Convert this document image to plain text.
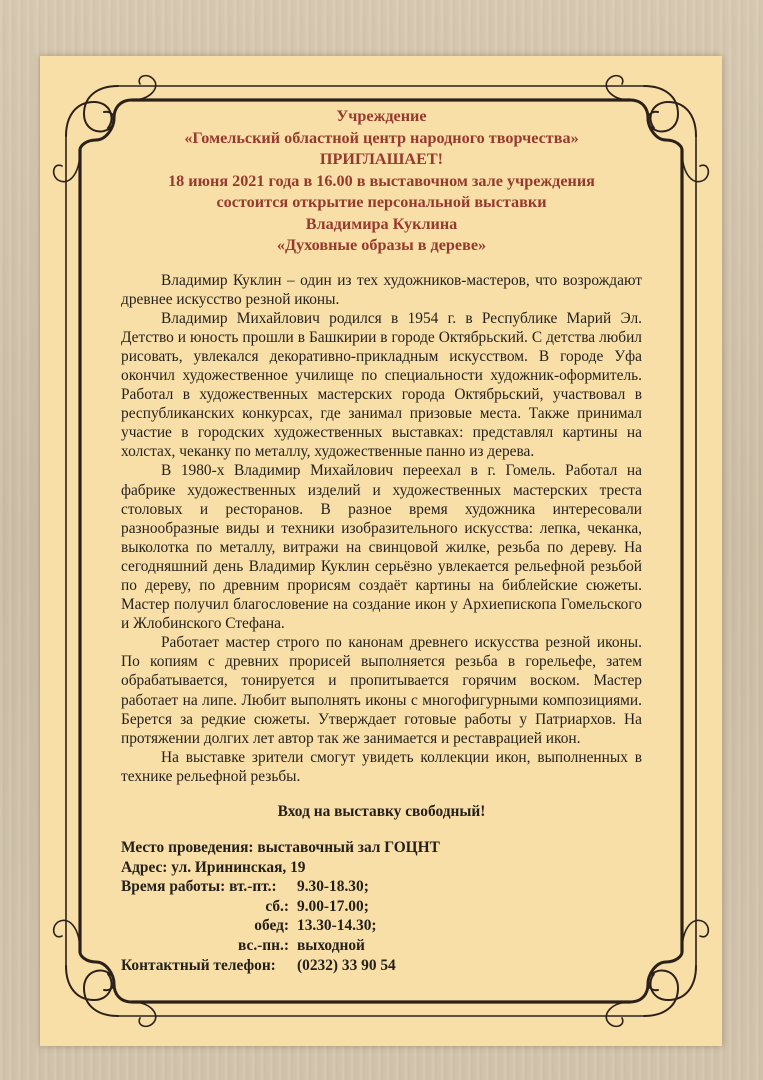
Учреждение
«Гомельский областной центр народного творчества»
ПРИГЛАШАЕТ!
18 июня 2021 года в 16.00 в выставочном зале учреждения
состоится открытие персональной выставки
Владимира Куклина
«Духовные образы в дереве»

Владимир Куклин – один из тех художников-мастеров, что возрождают древнее искусство резной иконы.

Владимир Михайлович родился в 1954 г. в Республике Марий Эл. Детство и юность прошли в Башкирии в городе Октябрьский. С детства любил рисовать, увлекался декоративно-прикладным искусством. В городе Уфа окончил художественное училище по специальности художник-оформитель. Работал в художественных мастерских города Октябрьский, участвовал в республиканских конкурсах, где занимал призовые места. Также принимал участие в городских художественных выставках: представлял картины на холстах, чеканку по металлу, художественные панно из дерева.

В 1980-х Владимир Михайлович переехал в г. Гомель. Работал на фабрике художественных изделий и художественных мастерских треста столовых и ресторанов. В разное время художника интересовали разнообразные виды и техники изобразительного искусства: лепка, чеканка, выколотка по металлу, витражи на свинцовой жилке, резьба по дереву. На сегодняшний день Владимир Куклин серьёзно увлекается рельефной резьбой по дереву, по древним прорисям создаёт картины на библейские сюжеты. Мастер получил благословение на создание икон у Архиепископа Гомельского и Жлобинского Стефана.

Работает мастер строго по канонам древнего искусства резной иконы. По копиям с древних прорисей выполняется резьба в горельефе, затем обрабатывается, тонируется и пропитывается горячим воском. Мастер работает на липе. Любит выполнять иконы с многофигурными композициями. Берется за редкие сюжеты. Утверждает готовые работы у Патриархов. На протяжении долгих лет автор так же занимается и реставрацией икон.

На выставке зрители смогут увидеть коллекции икон, выполненных в технике рельефной резьбы.

Вход на выставку свободный!
Место проведения: выставочный зал ГОЦНТ
Адрес: ул. Ирининская, 19
Время работы: вт.-пт.:	9.30-18.30;
сб.: 9.00-17.00;
обед: 13.30-14.30;
вс.-пн.: выходной
Контактный телефон:	(0232) 33 90 54
